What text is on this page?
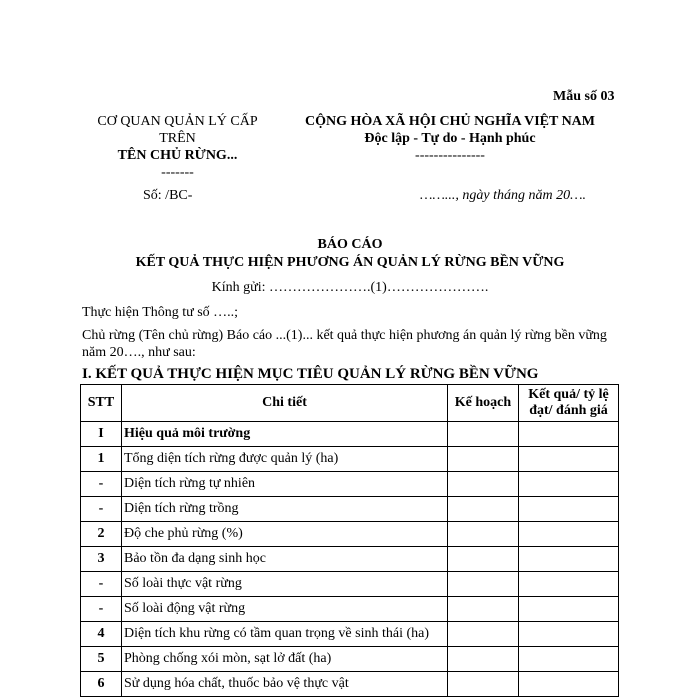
Mẫu số 03
CƠ QUAN QUẢN LÝ CẤP
TRÊN
TÊN CHỦ RỪNG...
-------
CỘNG HÒA XÃ HỘI CHỦ NGHĨA VIỆT NAM
Độc lập - Tự do - Hạnh phúc
---------------
Số: /BC-	……..., ngày tháng năm 20….
BÁO CÁO
KẾT QUẢ THỰC HIỆN PHƯƠNG ÁN QUẢN LÝ RỪNG BỀN VỮNG
Kính gửi: ………………….(1)………………….
Thực hiện Thông tư số …..;
Chủ rừng (Tên chủ rừng) Báo cáo ...(1)... kết quả thực hiện phương án quản lý rừng bền vững năm 20…., như sau:
I. KẾT QUẢ THỰC HIỆN MỤC TIÊU QUẢN LÝ RỪNG BỀN VỮNG
STT	Chi tiết	Kế hoạch	Kết quả/ tỷ lệ đạt/ đánh giá
I	Hiệu quả môi trường		
1	Tổng diện tích rừng được quản lý (ha)		
-	Diện tích rừng tự nhiên		
-	Diện tích rừng trồng		
2	Độ che phủ rừng (%)		
3	Bảo tồn đa dạng sinh học		
-	Số loài thực vật rừng		
-	Số loài động vật rừng		
4	Diện tích khu rừng có tầm quan trọng về sinh thái (ha)		
5	Phòng chống xói mòn, sạt lở đất (ha)		
6	Sử dụng hóa chất, thuốc bảo vệ thực vật		
